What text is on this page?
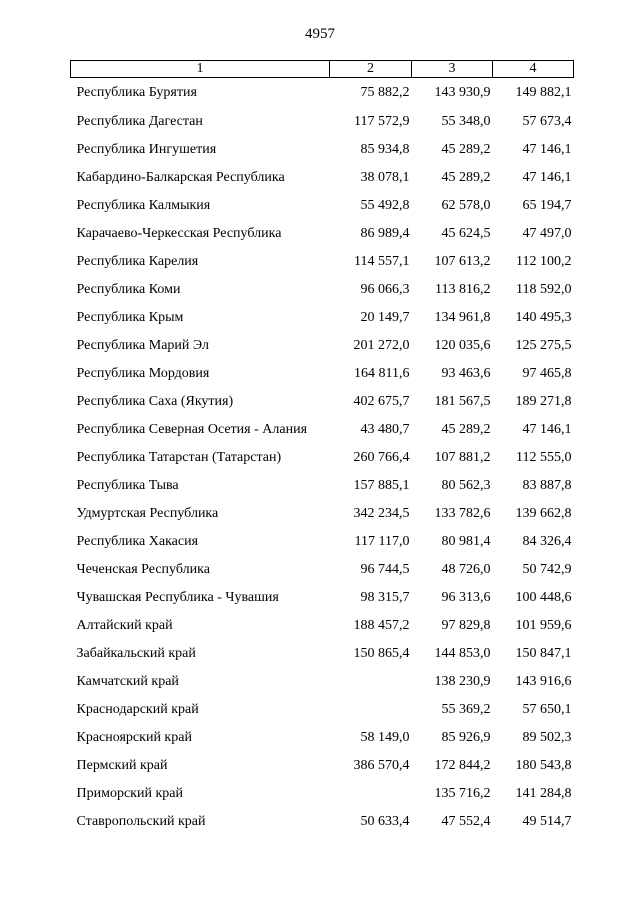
4957
1	2	3	4
Республика Бурятия	75 882,2	143 930,9	149 882,1
Республика Дагестан	117 572,9	55 348,0	57 673,4
Республика Ингушетия	85 934,8	45 289,2	47 146,1
Кабардино-Балкарская Республика	38 078,1	45 289,2	47 146,1
Республика Калмыкия	55 492,8	62 578,0	65 194,7
Карачаево-Черкесская Республика	86 989,4	45 624,5	47 497,0
Республика Карелия	114 557,1	107 613,2	112 100,2
Республика Коми	96 066,3	113 816,2	118 592,0
Республика Крым	20 149,7	134 961,8	140 495,3
Республика Марий Эл	201 272,0	120 035,6	125 275,5
Республика Мордовия	164 811,6	93 463,6	97 465,8
Республика Саха (Якутия)	402 675,7	181 567,5	189 271,8
Республика Северная Осетия - Алания	43 480,7	45 289,2	47 146,1
Республика Татарстан (Татарстан)	260 766,4	107 881,2	112 555,0
Республика Тыва	157 885,1	80 562,3	83 887,8
Удмуртская Республика	342 234,5	133 782,6	139 662,8
Республика Хакасия	117 117,0	80 981,4	84 326,4
Чеченская Республика	96 744,5	48 726,0	50 742,9
Чувашская Республика - Чувашия	98 315,7	96 313,6	100 448,6
Алтайский край	188 457,2	97 829,8	101 959,6
Забайкальский край	150 865,4	144 853,0	150 847,1
Камчатский край		138 230,9	143 916,6
Краснодарский край		55 369,2	57 650,1
Красноярский край	58 149,0	85 926,9	89 502,3
Пермский край	386 570,4	172 844,2	180 543,8
Приморский край		135 716,2	141 284,8
Ставропольский край	50 633,4	47 552,4	49 514,7
